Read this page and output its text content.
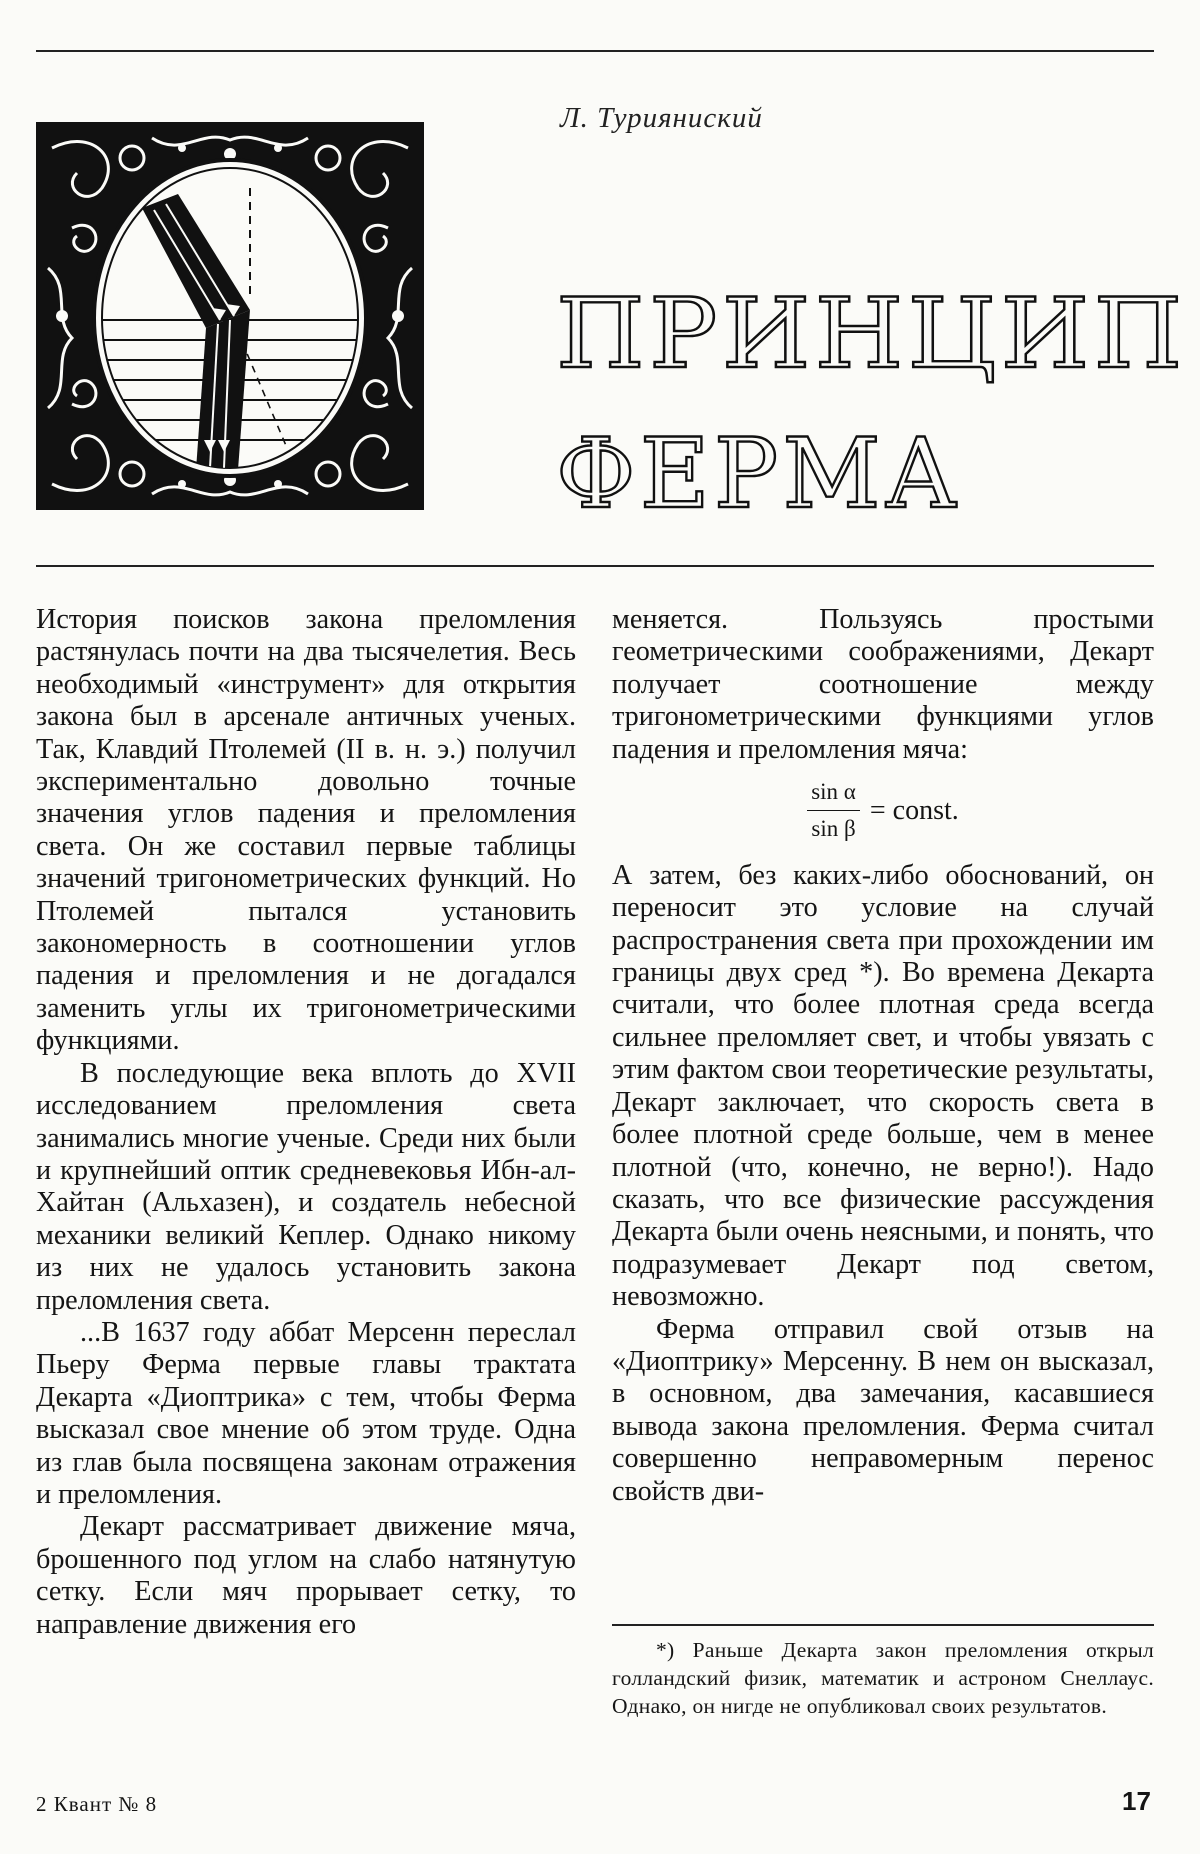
Л. Турияниский
ПРИНЦИП
ФЕРМА

История поисков закона преломления растянулась почти на два тысячелетия. Весь необходимый «инструмент» для открытия закона был в арсенале античных ученых. Так, Клавдий Птолемей (II в. н. э.) получил экспериментально довольно точные значения углов падения и преломления света. Он же составил первые таблицы значений тригонометрических функций. Но Птолемей пытался установить закономерность в соотношении углов падения и преломления и не догадался заменить углы их тригонометрическими функциями.

В последующие века вплоть до XVII исследованием преломления света занимались многие ученые. Среди них были и крупнейший оптик средневековья Ибн-ал-Хайтан (Альхазен), и создатель небесной механики великий Кеплер. Однако никому из них не удалось установить закона преломления света.

...В 1637 году аббат Мерсенн переслал Пьеру Ферма первые главы трактата Декарта «Диоптрика» с тем, чтобы Ферма высказал свое мнение об этом труде. Одна из глав была посвящена законам отражения и преломления.

Декарт рассматривает движение мяча, брошенного под углом на слабо натянутую сетку. Если мяч прорывает сетку, то направление движения его

меняется. Пользуясь простыми геометрическими соображениями, Декарт получает соотношение между тригонометрическими функциями углов падения и преломления мяча:

$\frac{\text{sin α}}{\text{sin β}}$ = const.

А затем, без каких-либо обоснований, он переносит это условие на случай распространения света при прохождении им границы двух сред *). Во времена Декарта считали, что более плотная среда всегда сильнее преломляет свет, и чтобы увязать с этим фактом свои теоретические результаты, Декарт заключает, что скорость света в более плотной среде больше, чем в менее плотной (что, конечно, не верно!). Надо сказать, что все физические рассуждения Декарта были очень неясными, и понять, что подразумевает Декарт под светом, невозможно.

Ферма отправил свой отзыв на «Диоптрику» Мерсенну. В нем он высказал, в основном, два замечания, касавшиеся вывода закона преломления. Ферма считал совершенно неправомерным перенос свойств дви-

*) Раньше Декарта закон преломления открыл голландский физик, математик и астроном Снеллаус. Однако, он нигде не опубликовал своих результатов.
2 Квант № 8	17
